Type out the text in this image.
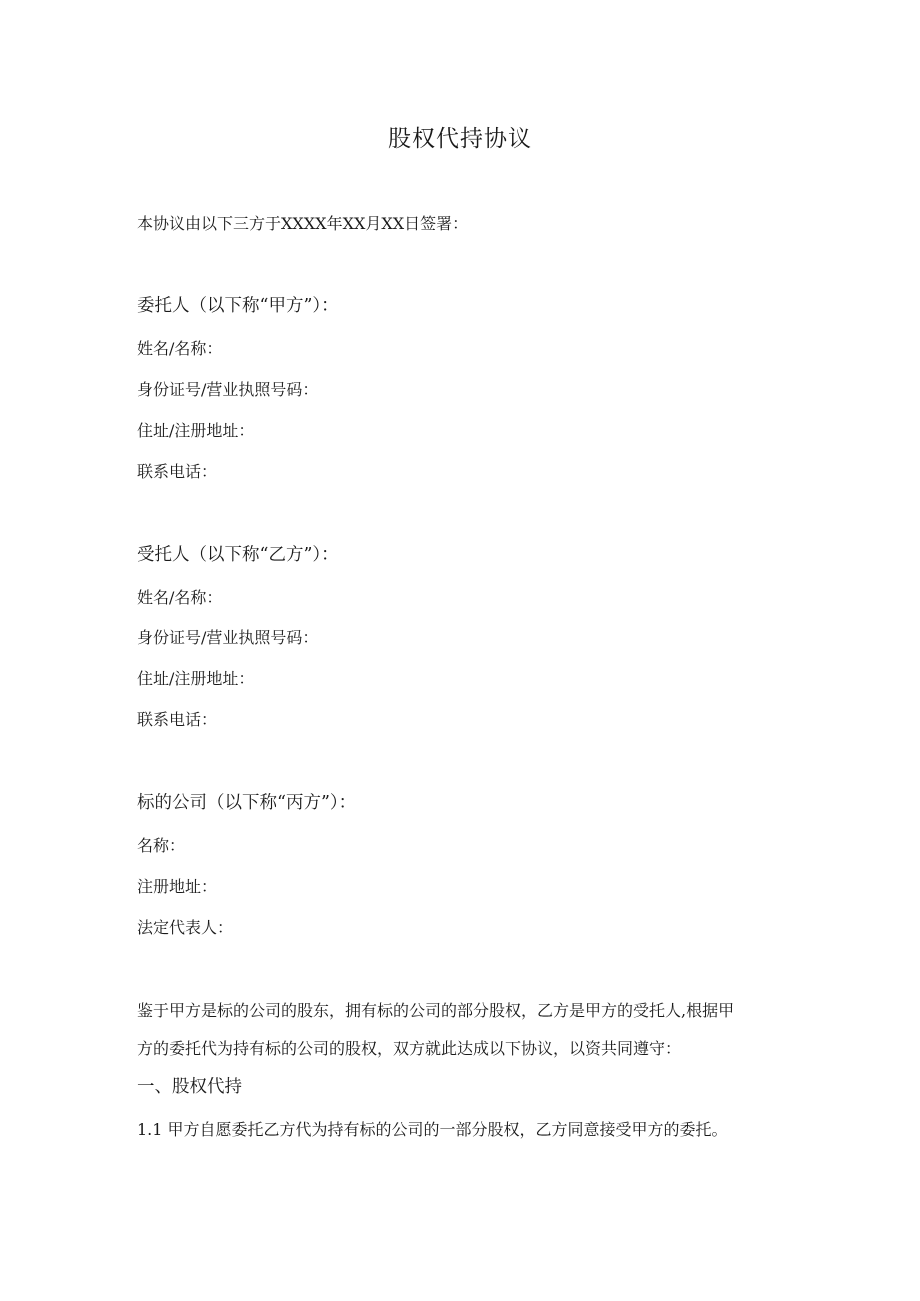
股权代持协议
本协议由以下三方于XXXX年XX月XX日签署：
委托人（以下称“甲方”）：
姓名/名称：
身份证号/营业执照号码：
住址/注册地址：
联系电话：
受托人（以下称“乙方”）：
姓名/名称：
身份证号/营业执照号码：
住址/注册地址：
联系电话：
标的公司（以下称“丙方”）：
名称：
注册地址：
法定代表人：
鉴于甲方是标的公司的股东，拥有标的公司的部分股权，乙方是甲方的受托人,根据甲
方的委托代为持有标的公司的股权，双方就此达成以下协议，以资共同遵守：
一、股权代持
1.1 甲方自愿委托乙方代为持有标的公司的一部分股权，乙方同意接受甲方的委托。
